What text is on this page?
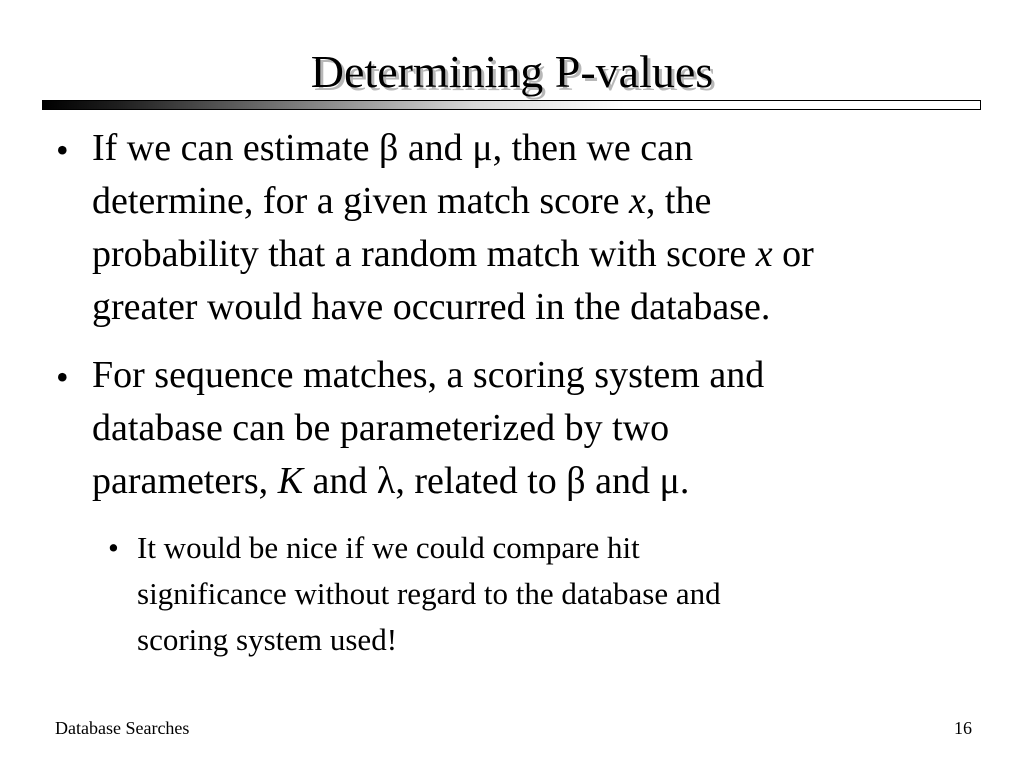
Determining P-values
• If we can estimate β and μ, then we can
determine, for a given match score x, the
probability that a random match with score x or
greater would have occurred in the database.
• For sequence matches, a scoring system and
database can be parameterized by two
parameters, K and λ, related to β and μ.
• It would be nice if we could compare hit
significance without regard to the database and
scoring system used!
Database Searches	16
